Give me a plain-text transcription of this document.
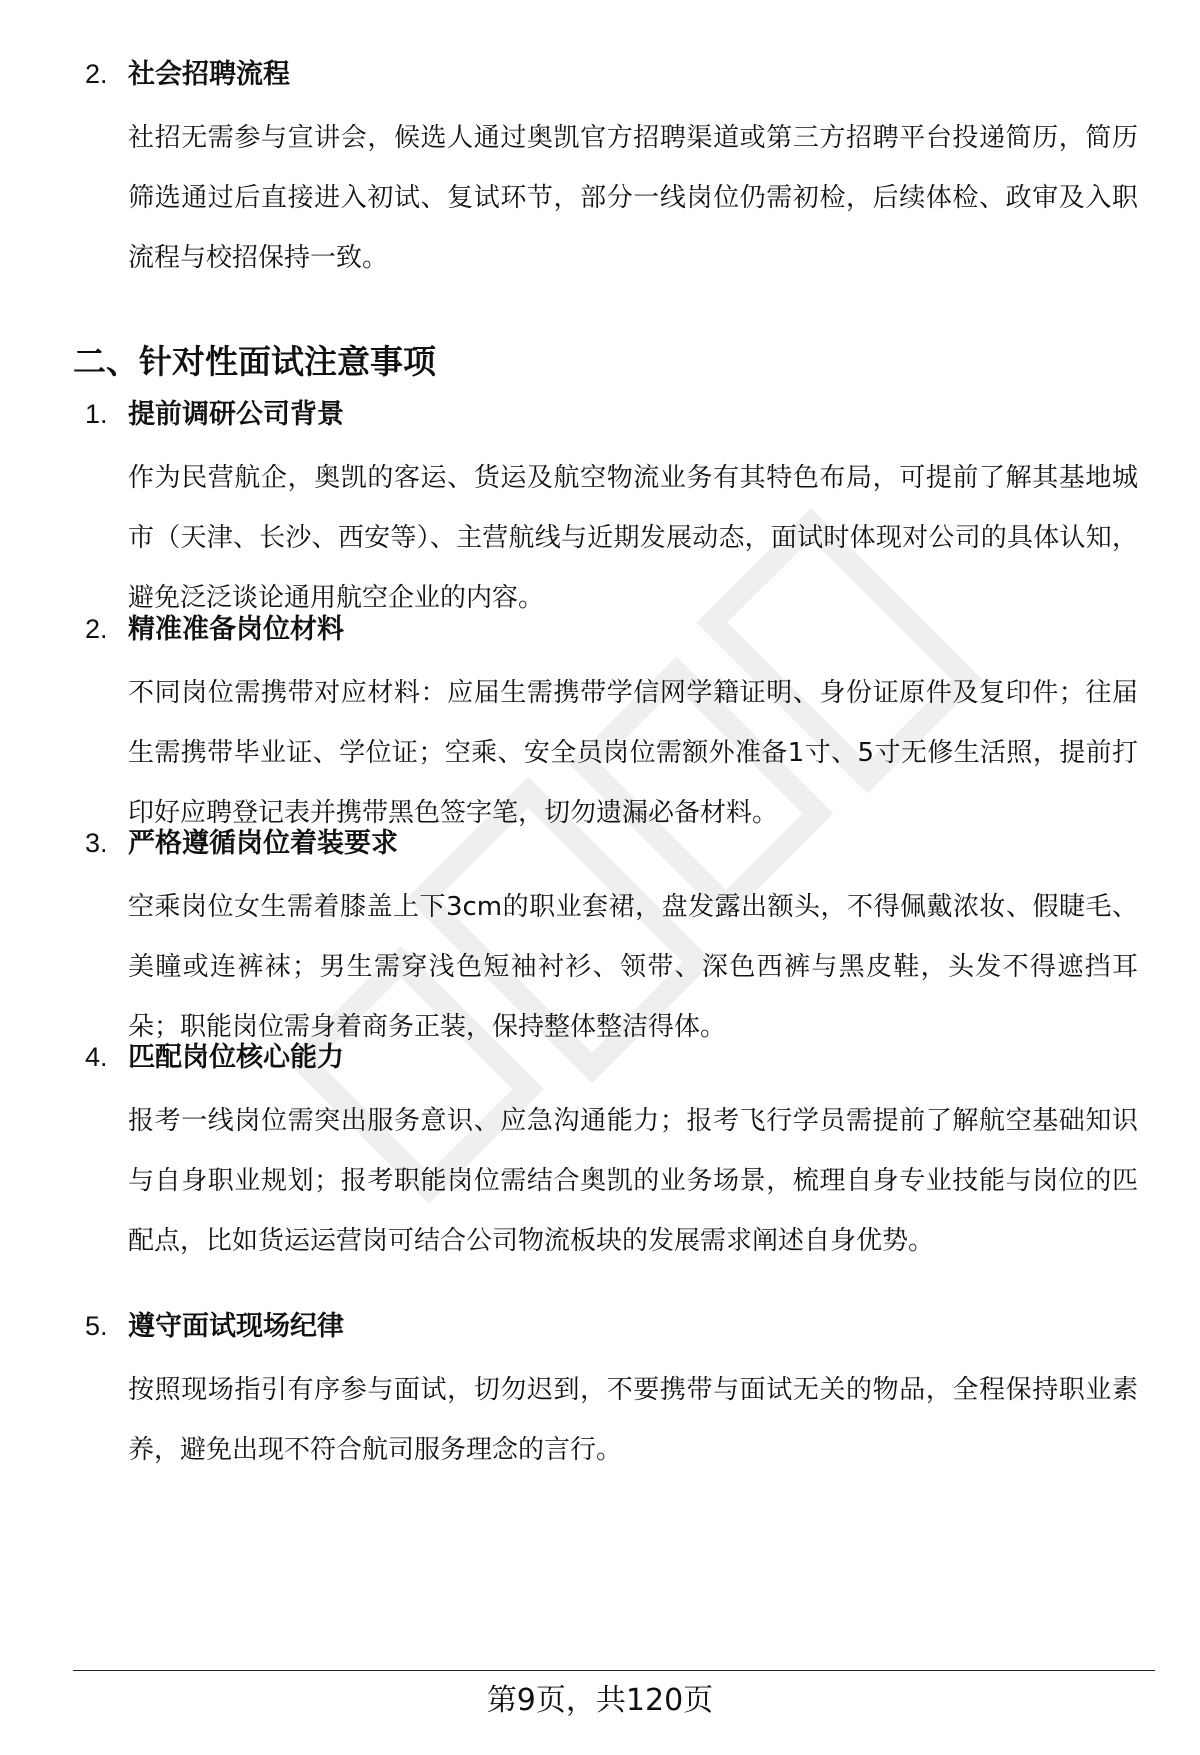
2. 社会招聘流程
社招无需参与宣讲会，候选人通过奥凯官方招聘渠道或第三方招聘平台投递简历，简历筛选通过后直接进入初试、复试环节，部分一线岗位仍需初检，后续体检、政审及入职流程与校招保持一致。
二、针对性面试注意事项
1. 提前调研公司背景
作为民营航企，奥凯的客运、货运及航空物流业务有其特色布局，可提前了解其基地城市（天津、长沙、西安等）、主营航线与近期发展动态，面试时体现对公司的具体认知，避免泛泛谈论通用航空企业的内容。
2. 精准准备岗位材料
不同岗位需携带对应材料：应届生需携带学信网学籍证明、身份证原件及复印件；往届生需携带毕业证、学位证；空乘、安全员岗位需额外准备1寸、5寸无修生活照，提前打印好应聘登记表并携带黑色签字笔，切勿遗漏必备材料。
3. 严格遵循岗位着装要求
空乘岗位女生需着膝盖上下3cm的职业套裙，盘发露出额头，不得佩戴浓妆、假睫毛、美瞳或连裤袜；男生需穿浅色短袖衬衫、领带、深色西裤与黑皮鞋，头发不得遮挡耳朵；职能岗位需身着商务正装，保持整体整洁得体。
4. 匹配岗位核心能力
报考一线岗位需突出服务意识、应急沟通能力；报考飞行学员需提前了解航空基础知识与自身职业规划；报考职能岗位需结合奥凯的业务场景，梳理自身专业技能与岗位的匹配点，比如货运运营岗可结合公司物流板块的发展需求阐述自身优势。
5. 遵守面试现场纪律
按照现场指引有序参与面试，切勿迟到，不要携带与面试无关的物品，全程保持职业素养，避免出现不符合航司服务理念的言行。
第9页，共120页
